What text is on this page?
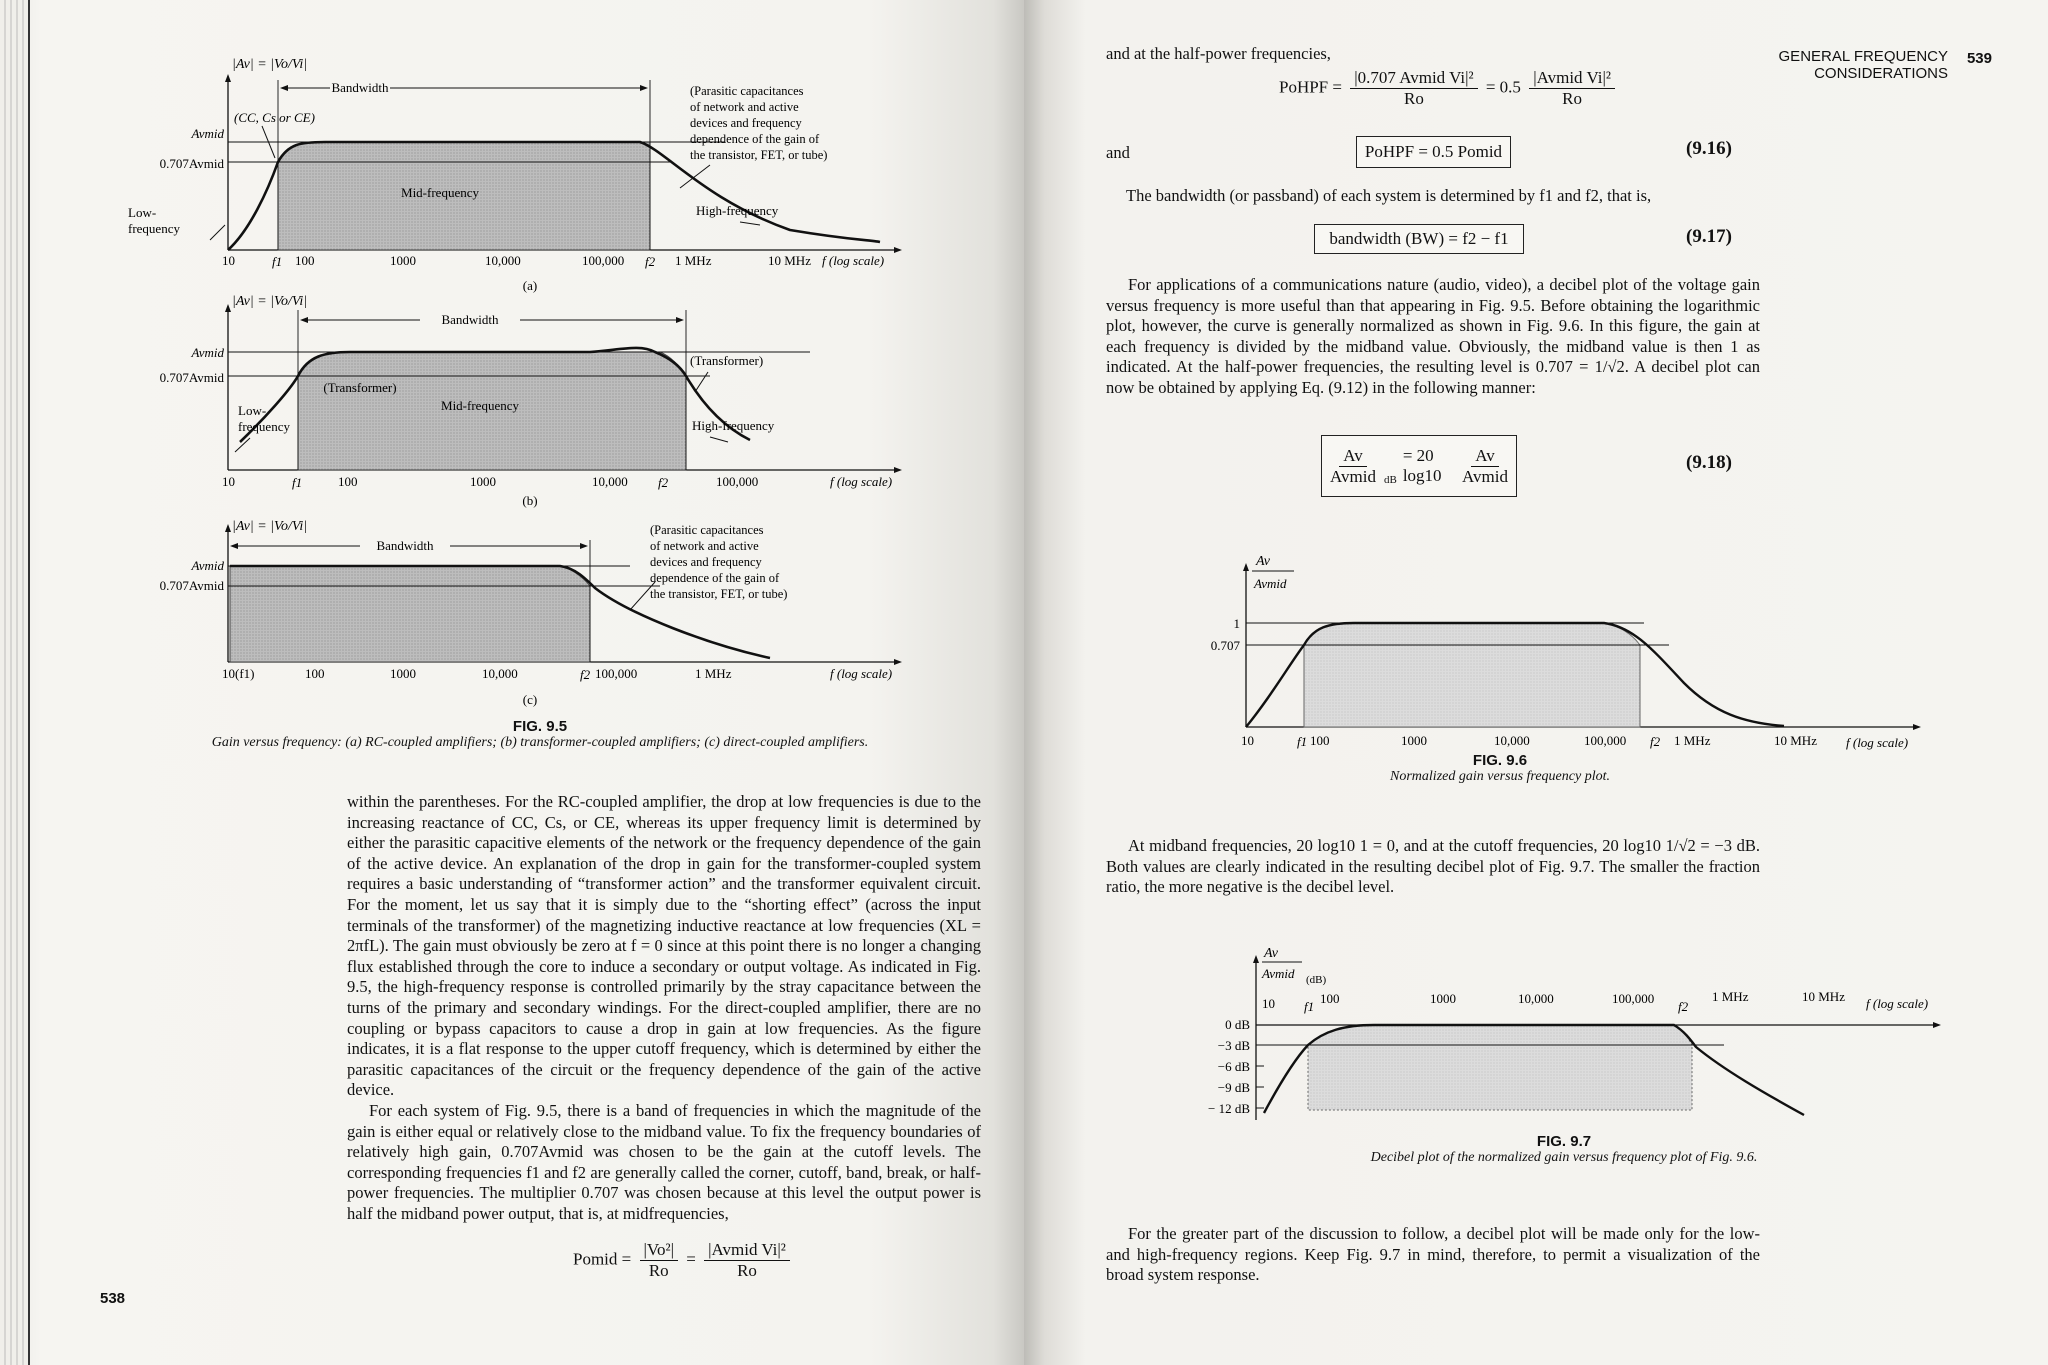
Bandwidth
|Av| = |Vo/Vi|
Avmid
0.707Avmid
(CC, Cs or CE)
Mid-frequency
Low-
frequency
High-frequency
(Parasitic capacitances
of network and active
devices and frequency
dependence of the gain of
the transistor, FET, or tube)
10	f1 100	1000	10,000	100,000 f2 1 MHz	10 MHz f (log scale)
(a)
Bandwidth
|Av| = |Vo/Vi|
Avmid
0.707Avmid
(Transformer)
Mid-frequency
(Transformer)
Low-
frequency	High-frequency
10	f1	100	1000	10,000 f2	100,000	f (log scale)
(b)
Bandwidth
|Av| = |Vo/Vi|
Avmid
0.707Avmid
(Parasitic capacitances
of network and active
devices and frequency
dependence of the gain of
the transistor, FET, or tube)
10(f1)	100	1000	10,000	f2 100,000	1 MHz	f (log scale)
(c)
FIG. 9.5
Gain versus frequency: (a) RC-coupled amplifiers; (b) transformer-coupled amplifiers; (c) direct-coupled amplifiers.

within the parentheses. For the RC-coupled amplifier, the drop at low frequencies is due to the increasing reactance of CC, Cs, or CE, whereas its upper frequency limit is determined by either the parasitic capacitive elements of the network or the frequency dependence of the gain of the active device. An explanation of the drop in gain for the transformer-coupled system requires a basic understanding of “transformer action” and the transformer equivalent circuit. For the moment, let us say that it is simply due to the “shorting effect” (across the input terminals of the transformer) of the magnetizing inductive reactance at low frequencies (XL = 2πfL). The gain must obviously be zero at f = 0 since at this point there is no longer a changing flux established through the core to induce a secondary or output voltage. As indicated in Fig. 9.5, the high-frequency response is controlled primarily by the stray capacitance between the turns of the primary and secondary windings. For the direct-coupled amplifier, there are no coupling or bypass capacitors to cause a drop in gain at low frequencies. As the figure indicates, it is a flat response to the upper cutoff frequency, which is determined by either the parasitic capacitances of the circuit or the frequency dependence of the gain of the active device.

For each system of Fig. 9.5, there is a band of frequencies in which the magnitude of the gain is either equal or relatively close to the midband value. To fix the frequency boundaries of relatively high gain, 0.707Avmid was chosen to be the gain at the cutoff levels. The corresponding frequencies f1 and f2 are generally called the corner, cutoff, band, break, or half-power frequencies. The multiplier 0.707 was chosen because at this level the output power is half the midband power output, that is, at midfrequencies,

Pomid = $\frac{\text{|Vo²|}}{Ro} = \frac{\text{|Avmid Vi|²}}{Ro}$
538
GENERAL FREQUENCY
CONSIDERATIONS
539
and at the half-power frequencies,
PoHPF = $\frac{\text{|0.707 Avmid Vi|²}}{Ro} = 0.5 \frac{\text{|Avmid Vi|²}}{Ro}$
and	PoHPF = 0.5 Pomid	(9.16)
The bandwidth (or passband) of each system is determined by f1 and f2, that is,
bandwidth (BW) = f2 − f1	(9.17)

For applications of a communications nature (audio, video), a decibel plot of the voltage gain versus frequency is more useful than that appearing in Fig. 9.5. Before obtaining the logarithmic plot, however, the curve is generally normalized as shown in Fig. 9.6. In this figure, the gain at each frequency is divided by the midband value. Obviously, the midband value is then 1 as indicated. At the half-power frequencies, the resulting level is 0.707 = 1/√2. A decibel plot can now be obtained by applying Eq. (9.12) in the following manner:

$\frac{Av}{\text{Avmid}} _{dB}$
= 20 $\log 10 \frac{Av}{\text{Avmid}}$	(9.18)
Av
Avmid
1
0.707
10	f1 100	1000	10,000	100,000 f2 1 MHz	10 MHz f (log scale)
FIG. 9.6
Normalized gain versus frequency plot.

At midband frequencies, 20 log10 1 = 0, and at the cutoff frequencies, 20 log10 1/√2 = −3 dB. Both values are clearly indicated in the resulting decibel plot of Fig. 9.7. The smaller the fraction ratio, the more negative is the decibel level.

Av
Avmid (dB)
0 dB
−3 dB
−6 dB
−9 dB
− 12 dB
10 f1
100	1000	10,000	100,000
f2
1 MHz	10 MHz f (log scale)
FIG. 9.7
Decibel plot of the normalized gain versus frequency plot of Fig. 9.6.

For the greater part of the discussion to follow, a decibel plot will be made only for the low- and high-frequency regions. Keep Fig. 9.7 in mind, therefore, to permit a visualization of the broad system response.
